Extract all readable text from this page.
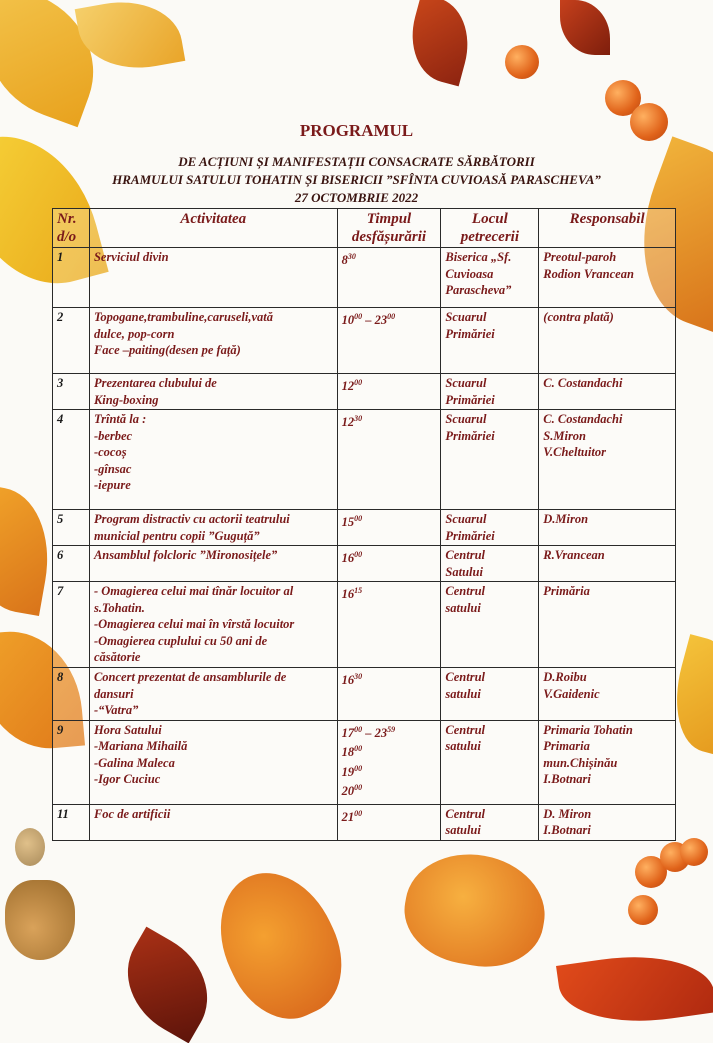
PROGRAMUL
DE ACȚIUNI ȘI MANIFESTAȚII CONSACRATE SĂRBĂTORII
HRAMULUI SATULUI TOHATIN ȘI BISERICII ”SFÎNTA CUVIOASĂ PARASCHEVA”
27 OCTOMBRIE 2022
Nr.
d/o	Activitatea	Timpul
desfășurării	Locul
petrecerii	Responsabil
1	Serviciul divin	$8^{30}$	Biserica „Sf.
Cuvioasa
Parascheva”	Preotul-paroh
Rodion Vrancean

2	Topogane,trambuline,caruseli,vată
dulce, pop-corn
Face –paiting(desen pe față)	$10^{00} - 23^{00}$	Scuarul
Primăriei	(contra plată)

3	Prezentarea clubului de
King-boxing	$12^{00}$	Scuarul
Primăriei	C. Costandachi

4	Trîntă la :
-berbec
-cocoș
-gînsac
-iepure	$12^{30}$	Scuarul
Primăriei	C. Costandachi
S.Miron
V.Cheltuitor

5	Program distractiv cu actorii teatrului
municial pentru copii ”Guguță”	$15^{00}$	Scuarul
Primăriei	D.Miron

6	Ansamblul folcloric ”Mironosițele”	$16^{00}$	Centrul
Satului	R.Vrancean

7	- Omagierea celui mai tînăr locuitor al
s.Tohatin.
-Omagierea celui mai în vîrstă locuitor
-Omagierea cuplului cu 50 ani de
căsătorie	$16^{15}$	Centrul
satului	Primăria

8	Concert prezentat de ansamblurile de
dansuri
-“Vatra”	$16^{30}$	Centrul
satului	D.Roibu
V.Gaidenic

9	Hora Satului
-Mariana Mihailă
-Galina Maleca
-Igor Cuciuc	$17^{00} - 23^{59}$
$18^{00}$
$19^{00}$
$20^{00}$	Centrul
satului	Primaria Tohatin
Primaria
mun.Chișinău
I.Botnari

11	Foc de artificii	$21^{00}$	Centrul
satului	D. Miron
I.Botnari
